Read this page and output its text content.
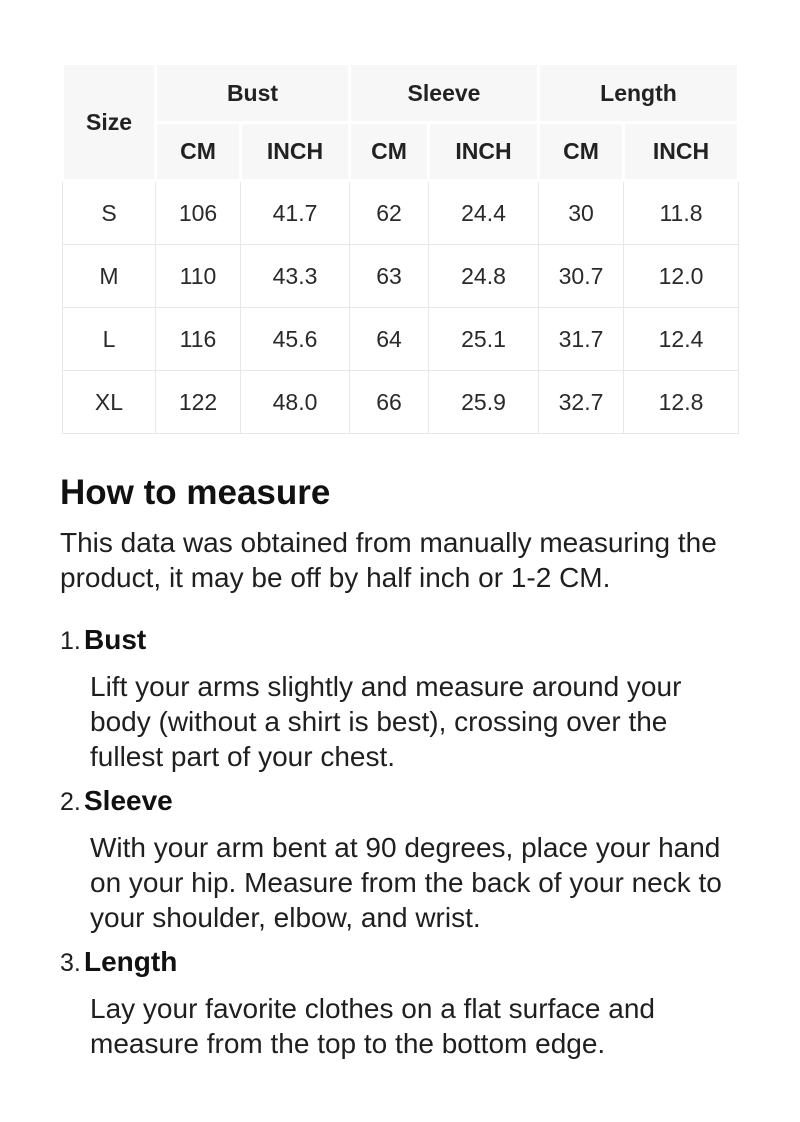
Size	Bust		Sleeve		Length	
	CM	INCH	CM	INCH	CM	INCH
S	106	41.7	62	24.4	30	11.8
M	110	43.3	63	24.8	30.7	12.0
L	116	45.6	64	25.1	31.7	12.4
XL	122	48.0	66	25.9	32.7	12.8
How to measure

This data was obtained from manually measuring the product, it may be off by half inch or 1-2 CM.

1. Bust

Lift your arms slightly and measure around your body (without a shirt is best), crossing over the fullest part of your chest.

2. Sleeve

With your arm bent at 90 degrees, place your hand on your hip. Measure from the back of your neck to your shoulder, elbow, and wrist.

3. Length

Lay your favorite clothes on a flat surface and measure from the top to the bottom edge.
